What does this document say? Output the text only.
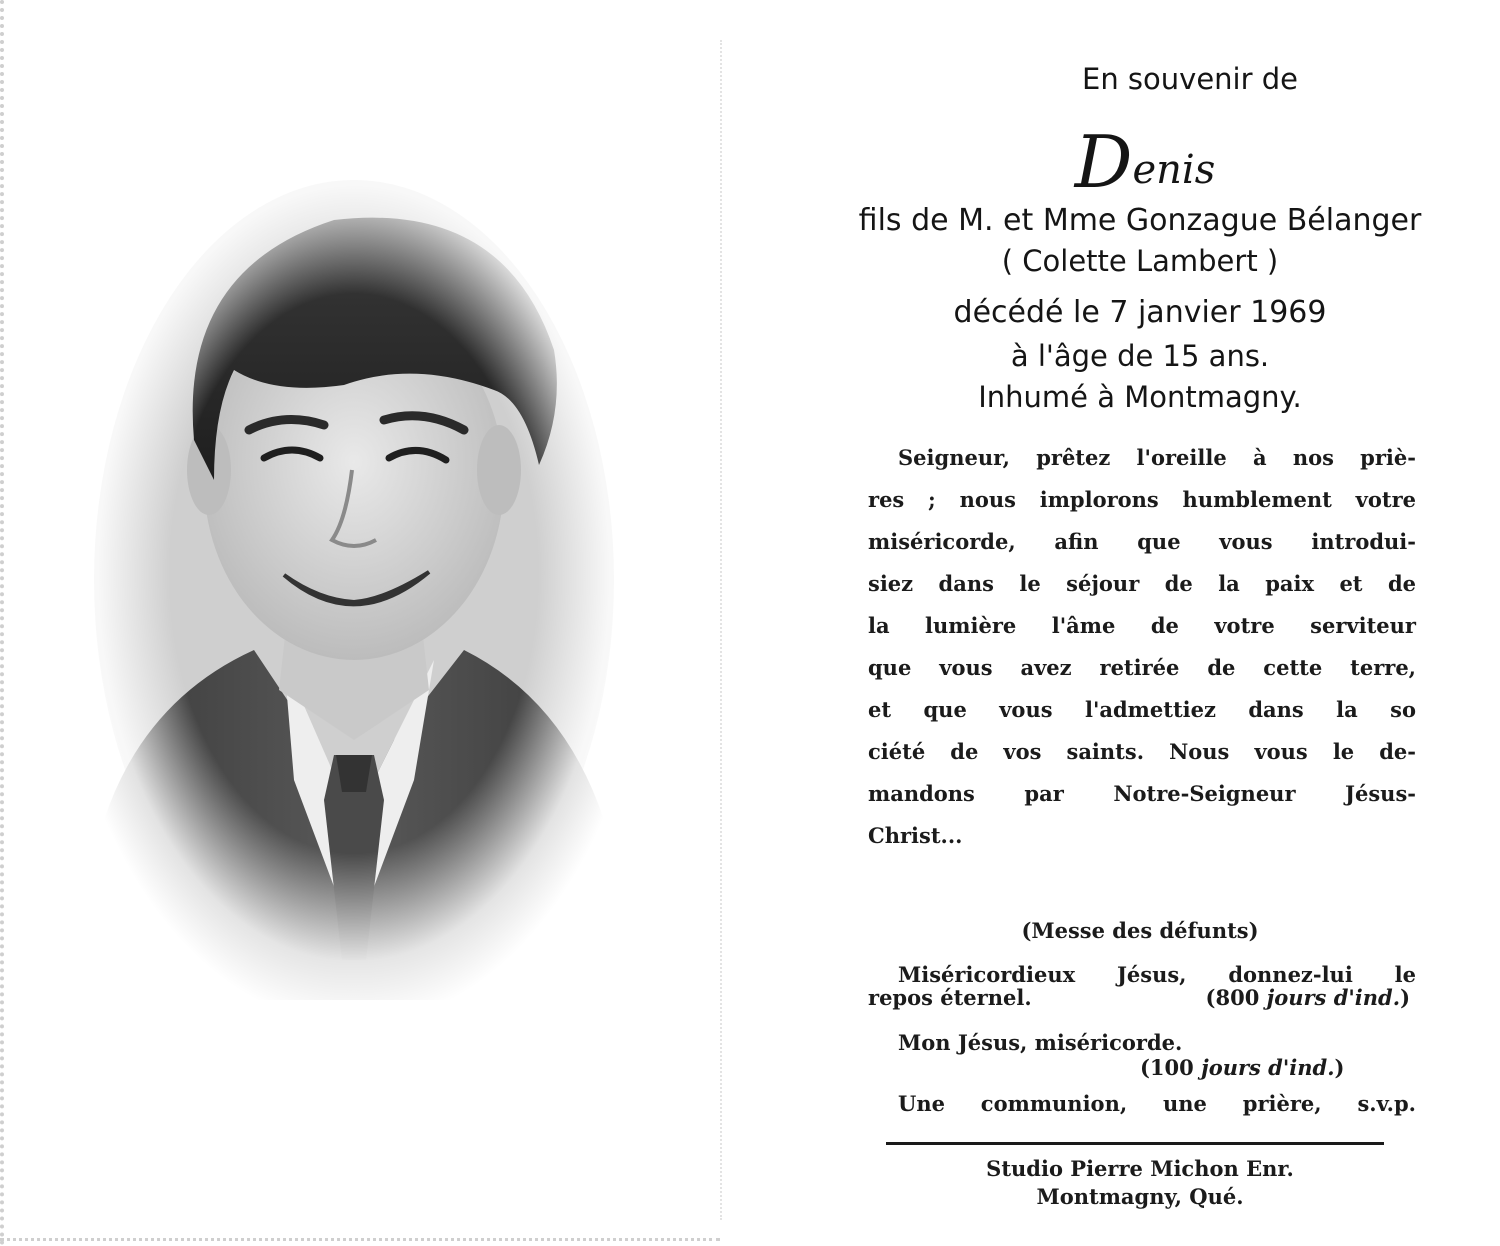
En souvenir de
Denis
fils de M. et Mme Gonzague Bélanger
( Colette Lambert )
décédé le 7 janvier 1969
à l'âge de 15 ans.
Inhumé à Montmagny.
Seigneur, prêtez l'oreille à nos priè-
res ; nous implorons humblement votre
miséricorde, afin que vous introdui-
siez dans le séjour de la paix et de
la lumière l'âme de votre serviteur
que vous avez retirée de cette terre,
et que vous l'admettiez dans la so
ciété de vos saints. Nous vous le de-
mandons par Notre-Seigneur Jésus-
Christ...
(Messe des défunts)
Miséricordieux Jésus, donnez-lui le
repos éternel.	(800 jours d'ind.)
Mon Jésus, miséricorde.
(100 jours d'ind.)
Une communion, une prière, s.v.p.
Studio Pierre Michon Enr.
Montmagny, Qué.
